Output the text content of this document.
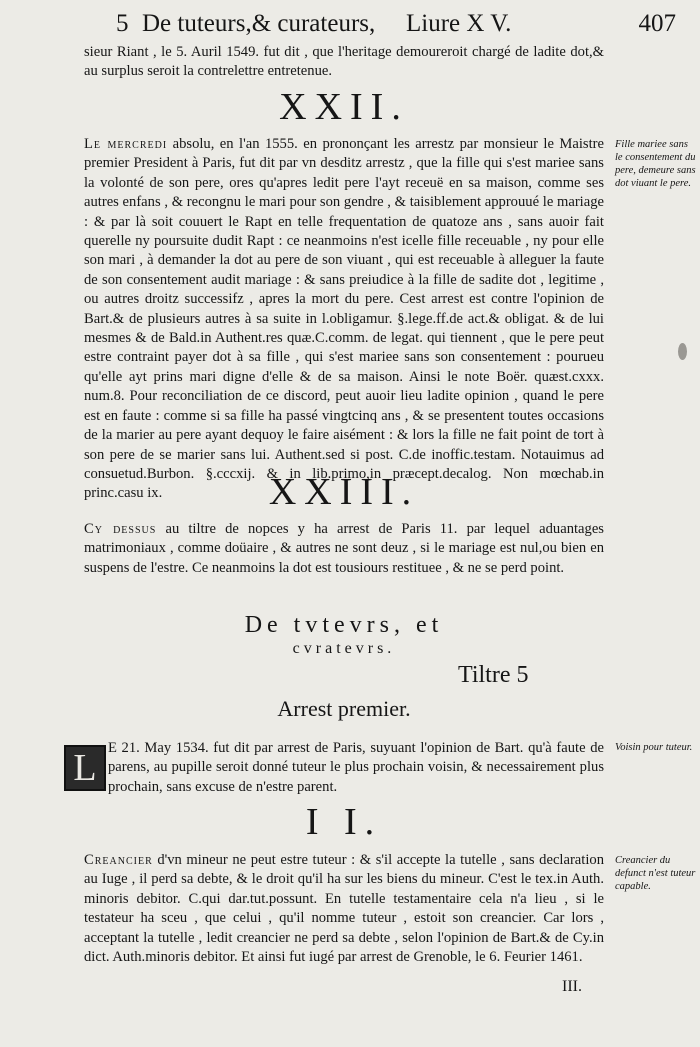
5 De tuteurs,& curateurs, Liure X V.	407
sieur Riant , le 5. Auril 1549. fut dit , que l'heritage demoureroit chargé de ladite dot,& au surplus seroit la contrelettre entretenue.
XXII.
Le mercredi absolu, en l'an 1555. en prononçant les arrestz par monsieur le Maistre premier President à Paris, fut dit par vn desditz arrestz , que la fille qui s'est mariee sans la volonté de son pere, ores qu'apres ledit pere l'ayt receuë en sa maison, comme ses autres enfans , & recongnu le mari pour son gendre , & taisiblement approuué le mariage : & par là soit couuert le Rapt en telle frequentation de quatoze ans , sans auoir fait querelle ny poursuite dudit Rapt : ce neanmoins n'est icelle fille receuable , ny pour elle son mari , à demander la dot au pere de son viuant , qui est receuable à alleguer la faute de son consentement audit mariage : & sans preiudice à la fille de sadite dot , legitime , ou autres droitz successifz , apres la mort du pere. Cest arrest est contre l'opinion de Bart.& de plusieurs autres à sa suite in l.obligamur. §.lege.ff.de act.& obligat. & de lui mesmes & de Bald.in Authent.res quæ.C.comm. de legat. qui tiennent , que le pere peut estre contraint payer dot à sa fille , qui s'est mariee sans son consentement : pourueu qu'elle ayt prins mari digne d'elle & de sa maison. Ainsi le note Boër. quæst.cxxx. num.8. Pour reconciliation de ce discord, peut auoir lieu ladite opinion , quand le pere est en faute : comme si sa fille ha passé vingtcinq ans , & se presentent toutes occasions de la marier au pere ayant dequoy le faire aisément : & lors la fille ne fait point de tort à son pere de se marier sans lui. Authent.sed si post. C.de inoffic.testam. Notauimus ad consuetud.Burbon. §.cccxij. & in lib.primo,in præcept.decalog. Non mœchab.in princ.casu ix.
Fille mariee sans le consentement du pere, demeure sans dot viuant le pere.
XXIII.
Cy dessus au tiltre de nopces y ha arrest de Paris 11. par lequel aduantages matrimoniaux , comme doüaire , & autres ne sont deuz , si le mariage est nul,ou bien en suspens de l'estre. Ce neanmoins la dot est tousiours restituee , & ne se perd point.
De tvtevrs, et
cvratevrs.
Tiltre 5
Arrest premier.
L E 21. May 1534. fut dit par arrest de Paris, suyuant l'opinion de Bart. qu'à faute de parens, au pupille seroit donné tuteur le plus prochain voisin, & necessairement plus prochain, sans excuse de n'estre parent.
Voisin pour tuteur.
I I.
Creancier d'vn mineur ne peut estre tuteur : & s'il accepte la tutelle , sans declaration au Iuge , il perd sa debte, & le droit qu'il ha sur les biens du mineur. C'est le tex.in Auth. minoris debitor. C.qui dar.tut.possunt. En tutelle testamentaire cela n'a lieu , si le testateur ha sceu , que celui , qu'il nomme tuteur , estoit son creancier. Car lors , acceptant la tutelle , ledit creancier ne perd sa debte , selon l'opinion de Bart.& de Cy.in dict. Auth.minoris debitor. Et ainsi fut iugé par arrest de Grenoble, le 6. Feurier 1461.
Creancier du defunct n'est tuteur capable.
III.
